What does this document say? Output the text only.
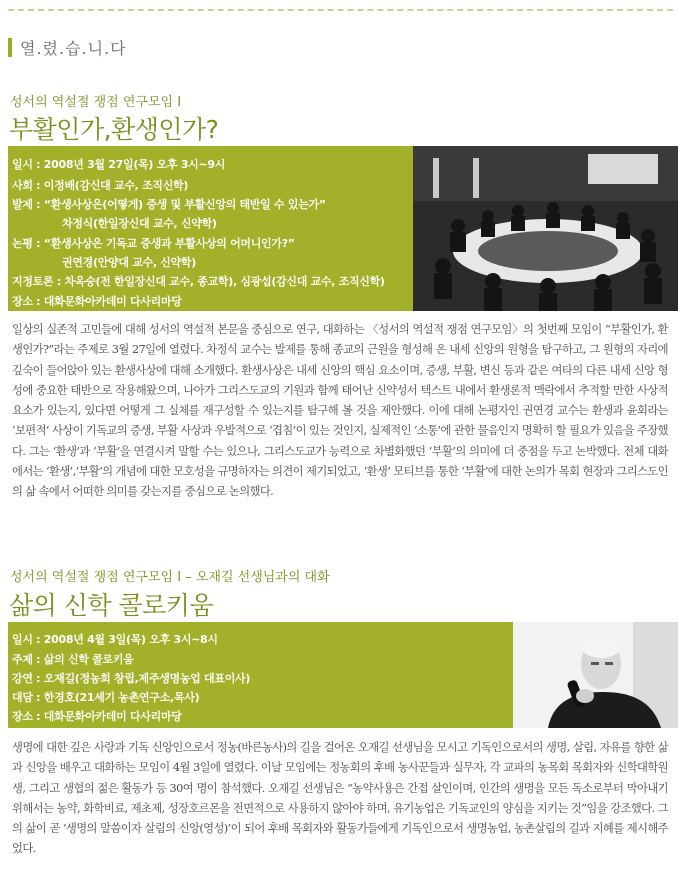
열.렸.습.니.다
성서의 역설절 쟁점 연구모임 I
부활인가,환생인가?
일시 : 2008년 3월 27일(목) 오후 3시~9시
사회 : 이정배(감신대 교수, 조직신학)
발제 : “환생사상은(어떻게) 증생 및 부활신앙의 태반일 수 있는가”
차정식(한일장신대 교수, 신약학)
논평 : “환생사상은 기독교 증생과 부활사상의 어머니인가?”
권연경(안양대 교수, 신약학)
지정토론 : 차옥숭(전 한일장신대 교수, 종교학), 심광섭(감신대 교수, 조직신학)
장소 : 대화문화아카데미 다사리마당
일상의 실존적 고민들에 대해 성서의 역설적 본문을 중심으로 연구, 대화하는 〈성서의 역설적 쟁점 연구모임〉의 첫번째 모임이 “부활인가, 환생인가?”라는 주제로 3월 27일에 열렸다. 차정식 교수는 발제를 통해 종교의 근원을 형성해 온 내세 신앙의 원형을 탐구하고, 그 원형의 자리에 깊숙이 들어앉아 있는 환생사상에 대해 소개했다. 환생사상은 내세 신앙의 핵심 요소이며, 증생, 부활, 변신 등과 같은 여타의 다른 내세 신앙 형성에 중요한 태반으로 작용해왔으며, 나아가 그리스도교의 기원과 함께 태어난 신약성서 텍스트 내에서 환생론적 맥락에서 추적할 만한 사상적 요소가 있는지, 있다면 어떻게 그 실체를 재구성할 수 있는지를 탐구해 볼 것을 제안했다. 이에 대해 논평자인 권연경 교수는 환생과 윤회라는 ‘보편적’ 사상이 기독교의 증생, 부활 사상과 우발적으로 ‘겹침’이 있는 것인지, 실제적인 ‘소통’에 관한 물음인지 명확히 할 필요가 있음을 주장했다. 그는 ‘환생’과 ‘부활’을 연결시켜 말할 수는 있으나, 그리스도교가 능력으로 차별화했던 ‘부활’의 의미에 더 중점을 두고 논박했다. 전체 대화에서는 ‘환생’,‘부활’의 개념에 대한 모호성을 규명하자는 의견이 제기되었고, ‘환생’ 모티브를 통한 ‘부활’에 대한 논의가 목회 현장과 그리스도인의 삶 속에서 어떠한 의미를 갖는지를 중심으로 논의했다.
성서의 역설절 쟁점 연구모임 I – 오재길 선생님과의 대화
삶의 신학 콜로키움
일시 : 2008년 4월 3일(목) 오후 3시~8시
주제 : 삶의 신학 콜로키움
강연 : 오재길(정농회 창립,제주생명농업 대표이사)
대담 : 한경호(21세기 농촌연구소,목사)
장소 : 대화문화아카데미 다사리마당
생명에 대한 깊은 사랑과 기독 신앙인으로서 정농(바른농사)의 길을 걸어온 오재길 선생님을 모시고 기독인으로서의 생명, 살림, 자유를 향한 삶과 신앙을 배우고 대화하는 모임이 4월 3일에 열렸다. 이날 모임에는 정농회의 후배 농사꾼들과 실무자, 각 교파의 농목회 목회자와 신학대학원생, 그리고 생협의 젊은 활동가 등 30여 명이 참석했다. 오재길 선생님은 “농약사용은 간접 살인이며, 인간의 생명을 모든 독소로부터 막아내기 위해서는 농약, 화학비료, 제초제, 성장호르몬을 전면적으로 사용하지 않아야 하며, 유기농업은 기독교인의 양심을 지키는 것”임을 강조했다. 그의 삶이 곧 ‘생명의 말씀이자 살림의 신앙(영성)’이 되어 후배 목회자와 활동가들에게 기독인으로서 생명농업, 농촌살림의 길과 지혜를 제시해주었다.
